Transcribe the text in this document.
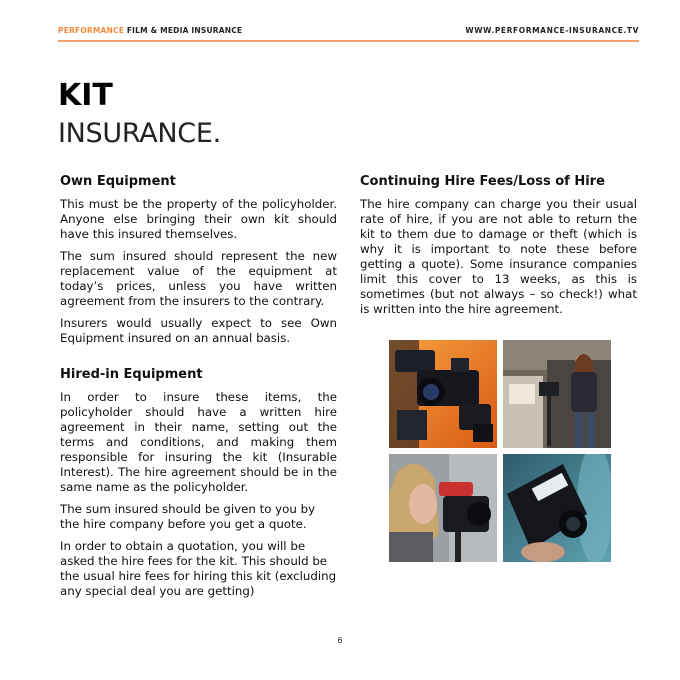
PERFORMANCE FILM & MEDIA INSURANCE	WWW.PERFORMANCE-INSURANCE.TV
KIT
INSURANCE.
Own Equipment

This must be the property of the policyholder. Anyone else bringing their own kit should have this insured themselves.

The sum insured should represent the new replacement value of the equipment at today’s prices, unless you have written agreement from the insurers to the contrary.

Insurers would usually expect to see Own Equipment insured on an annual basis.

Hired-in Equipment

In order to insure these items, the policyholder should have a written hire agreement in their name, setting out the terms and conditions, and making them responsible for insuring the kit (Insurable Interest). The hire agreement should be in the same name as the policyholder.

The sum insured should be given to you by the hire company before you get a quote.

In order to obtain a quotation, you will be asked the hire fees for the kit. This should be the usual hire fees for hiring this kit (excluding any special deal you are getting)

Continuing Hire Fees/Loss of Hire

The hire company can charge you their usual rate of hire, if you are not able to return the kit to them due to damage or theft (which is why it is important to note these before getting a quote). Some insurance companies limit this cover to 13 weeks, as this is sometimes (but not always – so check!) what is written into the hire agreement.

6
